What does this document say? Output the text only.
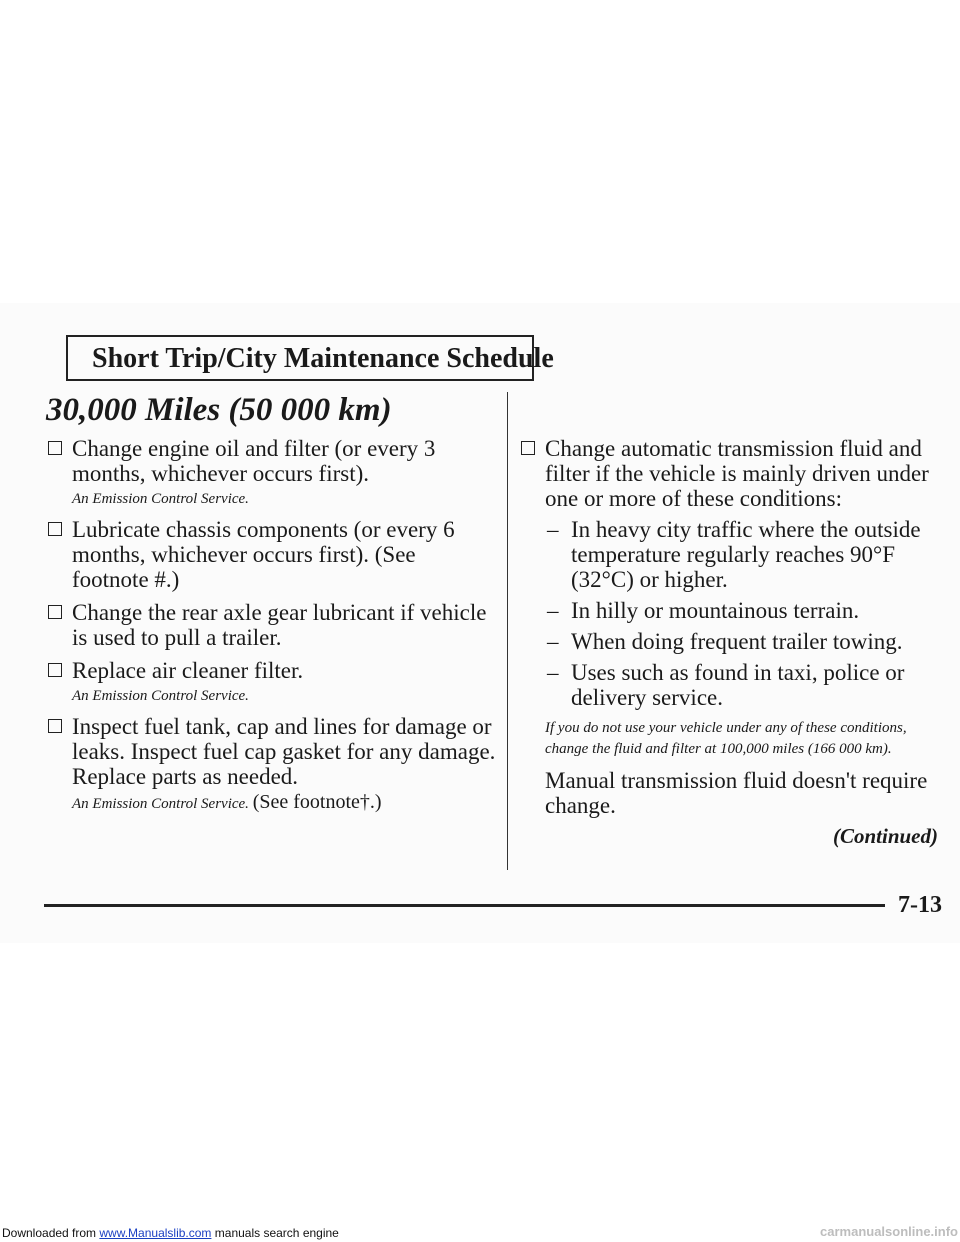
Short Trip/City Maintenance Schedule
30,000 Miles (50 000 km)
Change engine oil and filter (or every 3 months, whichever occurs first).
An Emission Control Service.
Lubricate chassis components (or every 6 months, whichever occurs first). (See footnote #.)
Change the rear axle gear lubricant if vehicle is used to pull a trailer.
Replace air cleaner filter.
An Emission Control Service.
Inspect fuel tank, cap and lines for damage or leaks. Inspect fuel cap gasket for any damage. Replace parts as needed.
An Emission Control Service. (See footnote†.)
Change automatic transmission fluid and filter if the vehicle is mainly driven under one or more of these conditions:
– In heavy city traffic where the outside temperature regularly reaches 90°F (32°C) or higher.
– In hilly or mountainous terrain.
– When doing frequent trailer towing.
– Uses such as found in taxi, police or delivery service.
If you do not use your vehicle under any of these conditions, change the fluid and filter at 100,000 miles (166 000 km).
Manual transmission fluid doesn't require change.
(Continued)
7-13
Downloaded from www.Manualslib.com manuals search engine	carmanualsonline.info
